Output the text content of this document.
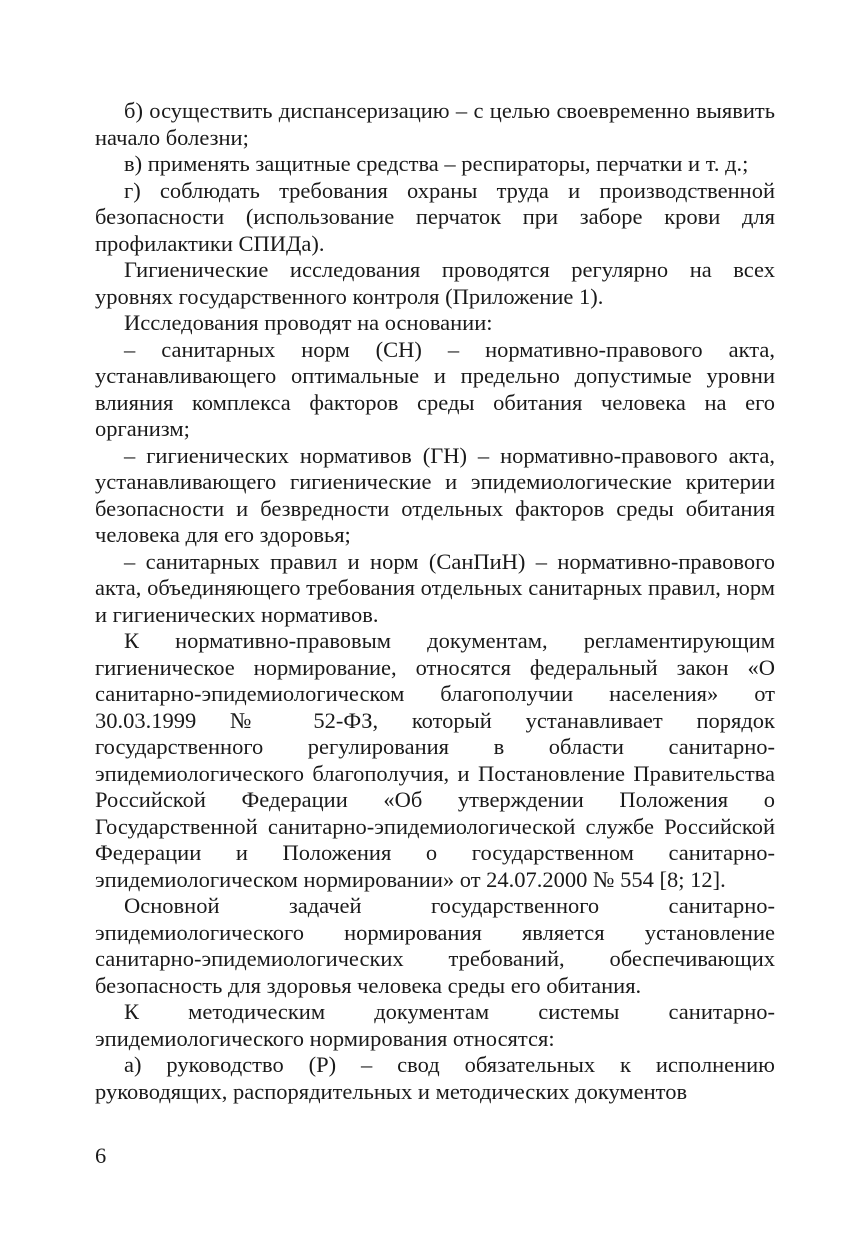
б) осуществить диспансеризацию – с целью своевременно выявить начало болезни;

в) применять защитные средства – респираторы, перчатки и т. д.;

г) соблюдать требования охраны труда и производственной безопасности (использование перчаток при заборе крови для профилактики СПИДа).

Гигиенические исследования проводятся регулярно на всех уровнях государственного контроля (Приложение 1).

Исследования проводят на основании:

– санитарных норм (СН) – нормативно-правового акта, устанавливающего оптимальные и предельно допустимые уровни влияния комплекса факторов среды обитания человека на его организм;

– гигиенических нормативов (ГН) – нормативно-правового акта, устанавливающего гигиенические и эпидемиологические критерии безопасности и безвредности отдельных факторов среды обитания человека для его здоровья;

– санитарных правил и норм (СанПиН) – нормативно-правового акта, объединяющего требования отдельных санитарных правил, норм и гигиенических нормативов.

К нормативно-правовым документам, регламентирующим гигиеническое нормирование, относятся федеральный закон «О санитарно-эпидемиологическом благополучии населения» от 30.03.1999 № 52-ФЗ, который устанавливает порядок государственного регулирования в области санитарно-эпидемиологического благополучия, и Постановление Правительства Российской Федерации «Об утверждении Положения о Государственной санитарно-эпидемиологической службе Российской Федерации и Положения о государственном санитарно-эпидемиологическом нормировании» от 24.07.2000 № 554 [8; 12].

Основной задачей государственного санитарно-эпидемиологического нормирования является установление санитарно-эпидемиологических требований, обеспечивающих безопасность для здоровья человека среды его обитания.

К методическим документам системы санитарно-эпидемиологического нормирования относятся:

а) руководство (Р) – свод обязательных к исполнению руководящих, распорядительных и методических документов

6
